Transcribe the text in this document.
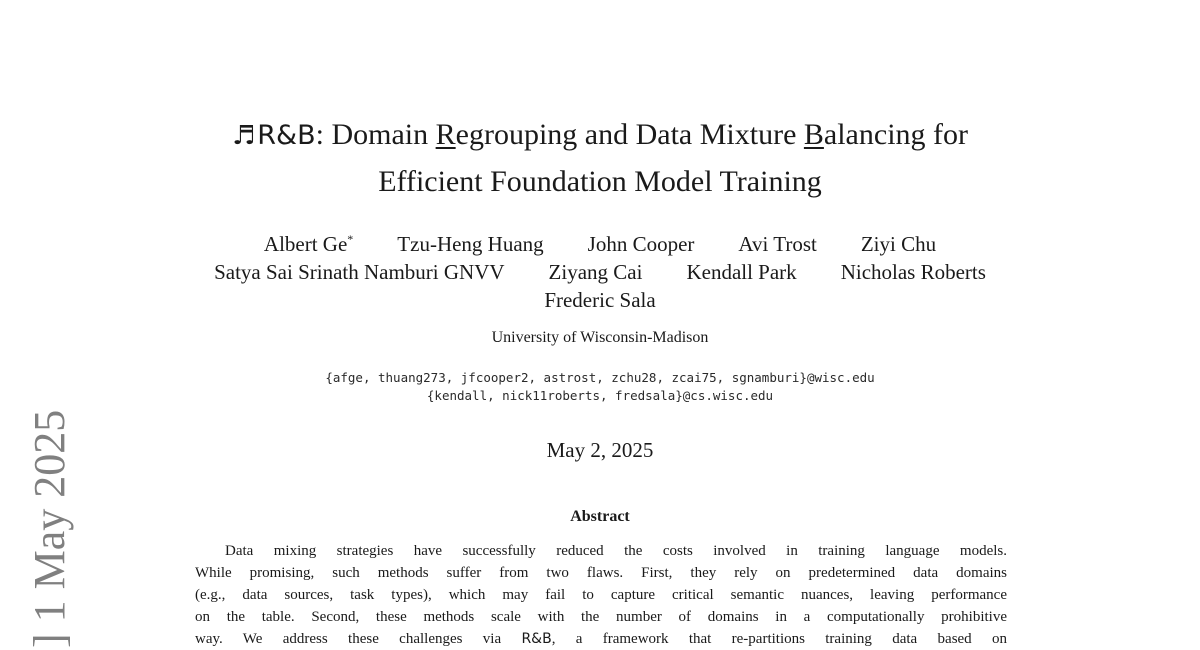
] 1 May 2025
♬R&B: Domain Regrouping and Data Mixture Balancing for
Efficient Foundation Model Training
Albert Ge* Tzu-Heng Huang John Cooper Avi Trost Ziyi Chu
Satya Sai Srinath Namburi GNVV Ziyang Cai Kendall Park Nicholas Roberts
Frederic Sala
University of Wisconsin-Madison
{afge, thuang273, jfcooper2, astrost, zchu28, zcai75, sgnamburi}@wisc.edu
{kendall, nick11roberts, fredsala}@cs.wisc.edu
May 2, 2025
Abstract
Data mixing strategies have successfully reduced the costs involved in training language models.
While promising, such methods suffer from two flaws. First, they rely on predetermined data domains
(e.g., data sources, task types), which may fail to capture critical semantic nuances, leaving performance
on the table. Second, these methods scale with the number of domains in a computationally prohibitive
way. We address these challenges via R&B, a framework that re-partitions training data based on
